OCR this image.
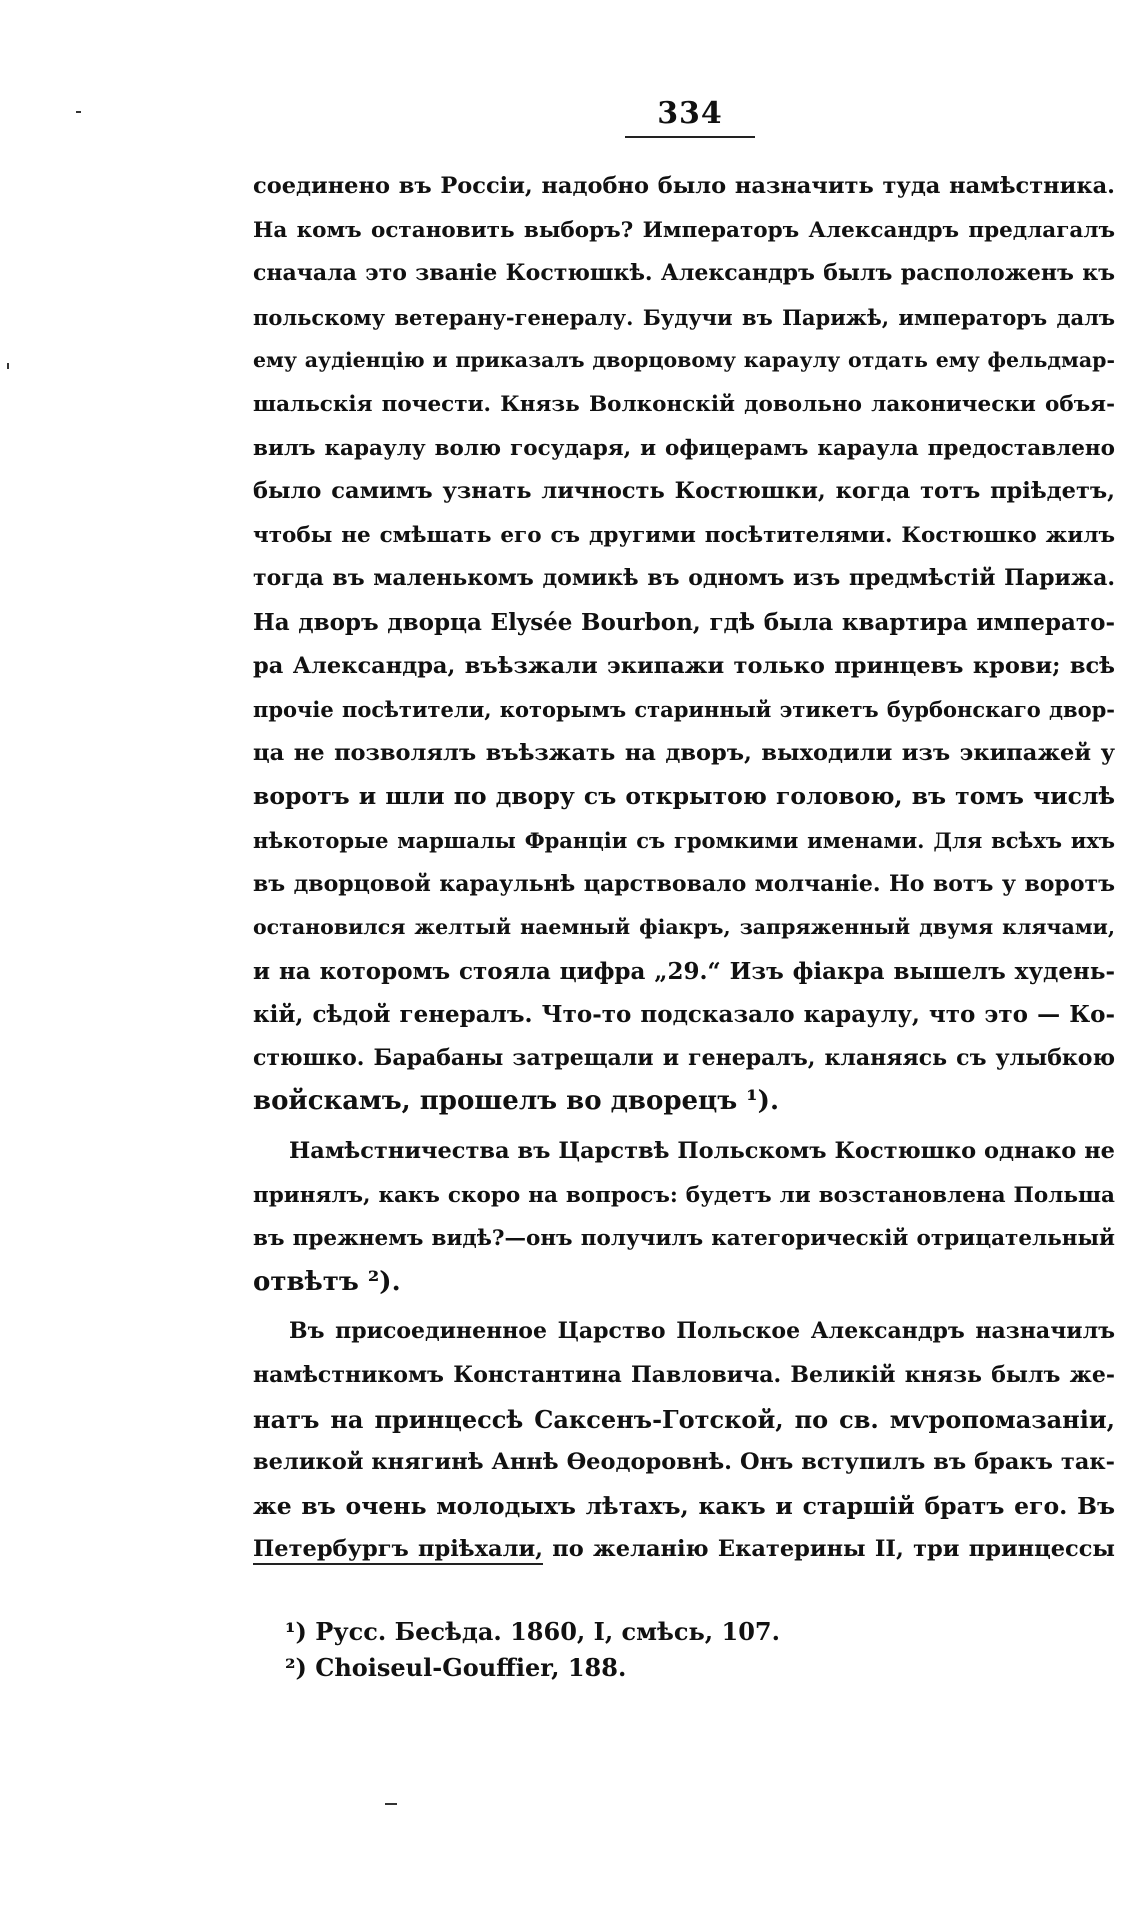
334
соединено въ Россіи, надобно было назначить туда намѣстника.
На комъ остановить выборъ? Императоръ Александръ предлагалъ
сначала это званіе Костюшкѣ. Александръ былъ расположенъ къ
польскому ветерану-генералу. Будучи въ Парижѣ, императоръ далъ
ему аудіенцію и приказалъ дворцовому караулу отдать ему фельдмар-
шальскія почести. Князь Волконскій довольно лаконически объя-
вилъ караулу волю государя, и офицерамъ караула предоставлено
было самимъ узнать личность Костюшки, когда тотъ пріѣдетъ,
чтобы не смѣшать его съ другими посѣтителями. Костюшко жилъ
тогда въ маленькомъ домикѣ въ одномъ изъ предмѣстій Парижа.
На дворъ дворца Elysée Bourbon, гдѣ была квартира императо-
ра Александра, въѣзжали экипажи только принцевъ крови; всѣ
прочіе посѣтители, которымъ старинный этикетъ бурбонскаго двор-
ца не позволялъ въѣзжать на дворъ, выходили изъ экипажей у
воротъ и шли по двору съ открытою головою, въ томъ числѣ
нѣкоторые маршалы Франціи съ громкими именами. Для всѣхъ ихъ
въ дворцовой караульнѣ царствовало молчаніе. Но вотъ у воротъ
остановился желтый наемный фіакръ, запряженный двумя клячами,
и на которомъ стояла цифра „29.“ Изъ фіакра вышелъ худень-
кій, сѣдой генералъ. Что-то подсказало караулу, что это — Ко-
стюшко. Барабаны затрещали и генералъ, кланяясь съ улыбкою
войскамъ, прошелъ во дворецъ ¹).
Намѣстничества въ Царствѣ Польскомъ Костюшко однако не
принялъ, какъ скоро на вопросъ: будетъ ли возстановлена Польша
въ прежнемъ видѣ?—онъ получилъ категорическій отрицательный
отвѣтъ ²).
Въ присоединенное Царство Польское Александръ назначилъ
намѣстникомъ Константина Павловича. Великій князь былъ же-
натъ на принцессѣ Саксенъ-Готской, по св. мѵропомазаніи,
великой княгинѣ Аннѣ Ѳеодоровнѣ. Онъ вступилъ въ бракъ так-
же въ очень молодыхъ лѣтахъ, какъ и старшій братъ его. Въ
Петербургъ пріѣхали, по желанію Екатерины II, три принцессы
¹) Русс. Бесѣда. 1860, I, смѣсь, 107.
²) Choiseul-Gouffier, 188.
